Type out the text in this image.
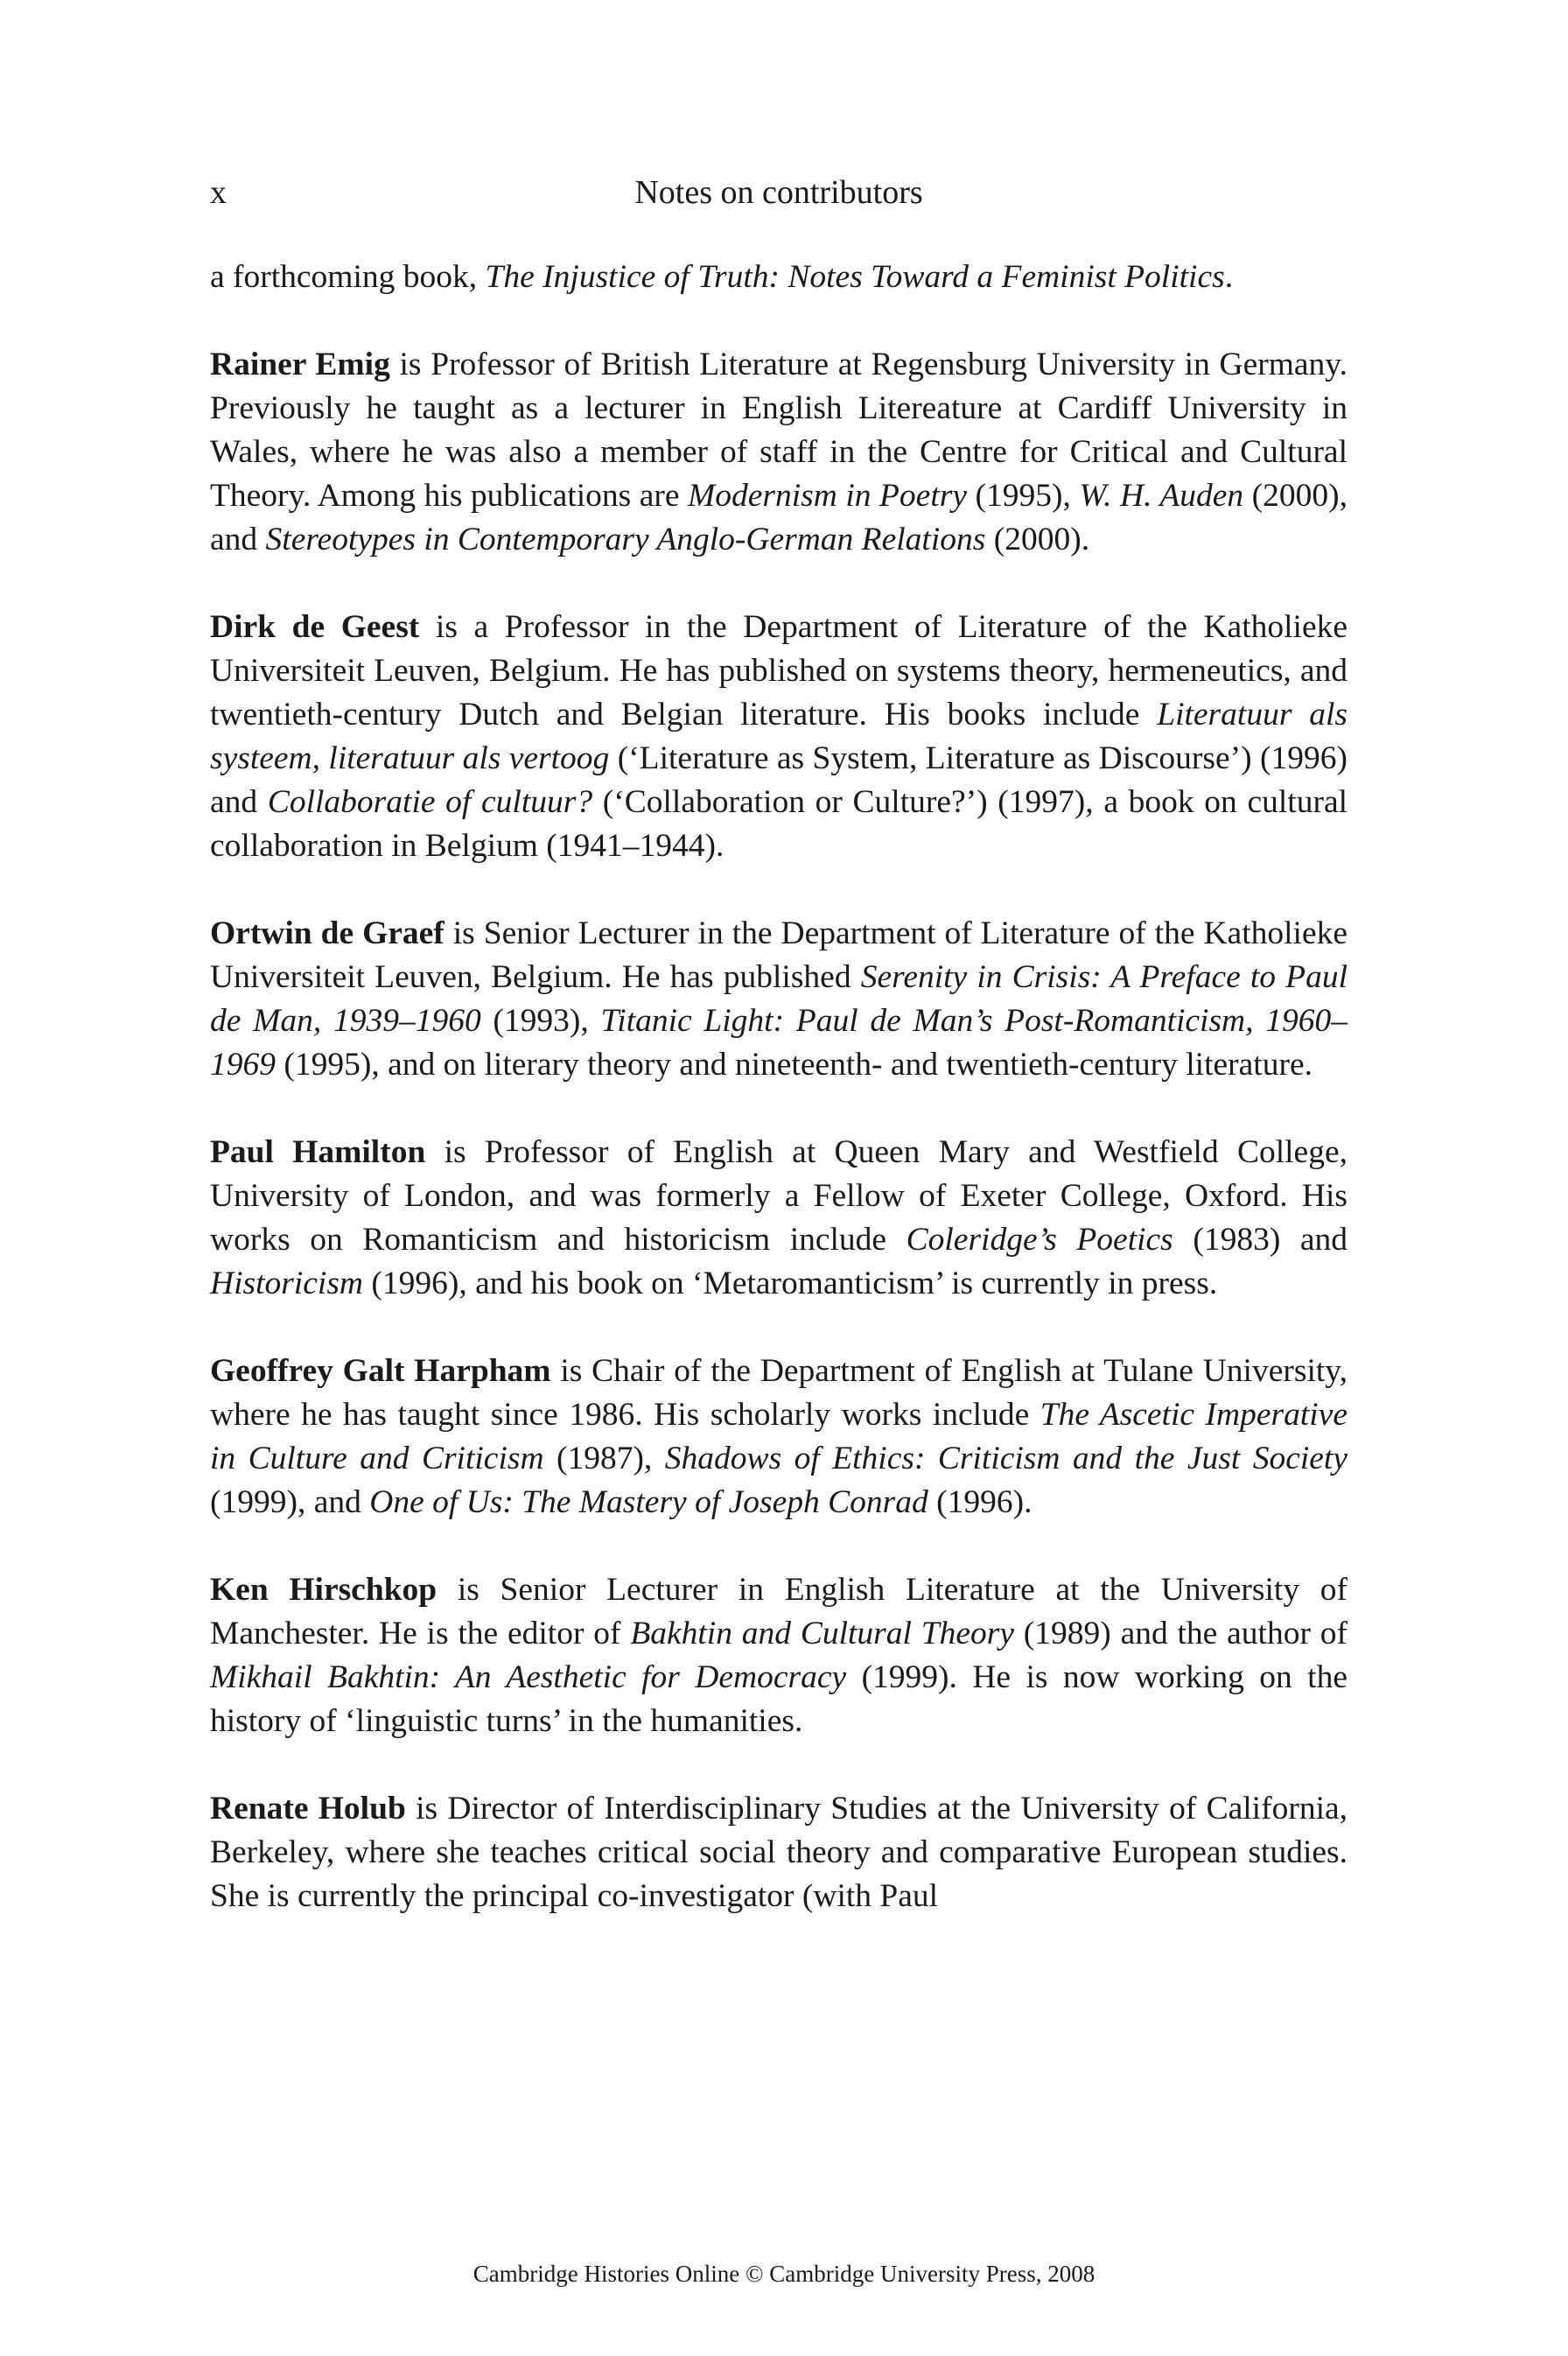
x	Notes on contributors

a forthcoming book, The Injustice of Truth: Notes Toward a Feminist Politics.

Rainer Emig is Professor of British Literature at Regensburg University in Germany. Previously he taught as a lecturer in English Litereature at Cardiff University in Wales, where he was also a member of staff in the Centre for Critical and Cultural Theory. Among his publications are Modernism in Poetry (1995), W. H. Auden (2000), and Stereotypes in Contemporary Anglo-German Relations (2000).

Dirk de Geest is a Professor in the Department of Literature of the Katholieke Universiteit Leuven, Belgium. He has published on systems theory, hermeneutics, and twentieth-century Dutch and Belgian literature. His books include Literatuur als systeem, literatuur als vertoog (‘Literature as System, Literature as Discourse’) (1996) and Collaboratie of cultuur? (‘Collaboration or Culture?’) (1997), a book on cultural collaboration in Belgium (1941–1944).

Ortwin de Graef is Senior Lecturer in the Department of Literature of the Katholieke Universiteit Leuven, Belgium. He has published Serenity in Crisis: A Preface to Paul de Man, 1939–1960 (1993), Titanic Light: Paul de Man’s Post-Romanticism, 1960–1969 (1995), and on literary theory and nineteenth- and twentieth-century literature.

Paul Hamilton is Professor of English at Queen Mary and Westfield College, University of London, and was formerly a Fellow of Exeter College, Oxford. His works on Romanticism and historicism include Coleridge’s Poetics (1983) and Historicism (1996), and his book on ‘Metaromanticism’ is currently in press.

Geoffrey Galt Harpham is Chair of the Department of English at Tulane University, where he has taught since 1986. His scholarly works include The Ascetic Imperative in Culture and Criticism (1987), Shadows of Ethics: Criticism and the Just Society (1999), and One of Us: The Mastery of Joseph Conrad (1996).

Ken Hirschkop is Senior Lecturer in English Literature at the University of Manchester. He is the editor of Bakhtin and Cultural Theory (1989) and the author of Mikhail Bakhtin: An Aesthetic for Democracy (1999). He is now working on the history of ‘linguistic turns’ in the humanities.

Renate Holub is Director of Interdisciplinary Studies at the University of California, Berkeley, where she teaches critical social theory and comparative European studies. She is currently the principal co-investigator (with Paul

Cambridge Histories Online © Cambridge University Press, 2008
